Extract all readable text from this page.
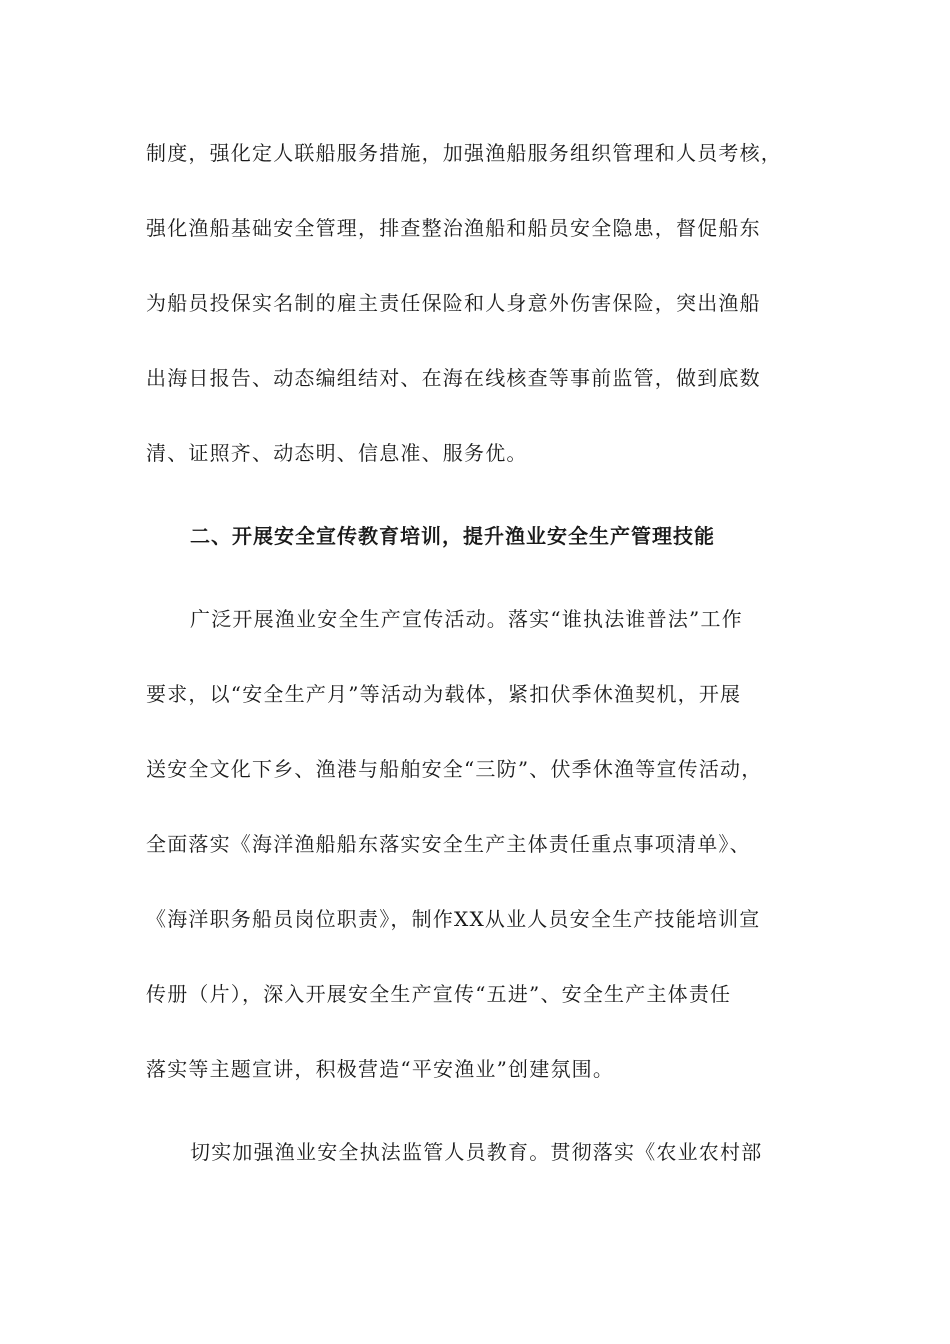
制度，强化定人联船服务措施，加强渔船服务组织管理和人员考核，
强化渔船基础安全管理，排查整治渔船和船员安全隐患，督促船东
为船员投保实名制的雇主责任保险和人身意外伤害保险，突出渔船
出海日报告、动态编组结对、在海在线核查等事前监管，做到底数
清、证照齐、动态明、信息准、服务优。
二、开展安全宣传教育培训，提升渔业安全生产管理技能
广泛开展渔业安全生产宣传活动。落实“谁执法谁普法”工作
要求，以“安全生产月”等活动为载体，紧扣伏季休渔契机，开展
送安全文化下乡、渔港与船舶安全“三防”、伏季休渔等宣传活动，
全面落实《海洋渔船船东落实安全生产主体责任重点事项清单》、
《海洋职务船员岗位职责》，制作XX从业人员安全生产技能培训宣
传册（片），深入开展安全生产宣传“五进”、安全生产主体责任
落实等主题宣讲，积极营造“平安渔业”创建氛围。
切实加强渔业安全执法监管人员教育。贯彻落实《农业农村部
